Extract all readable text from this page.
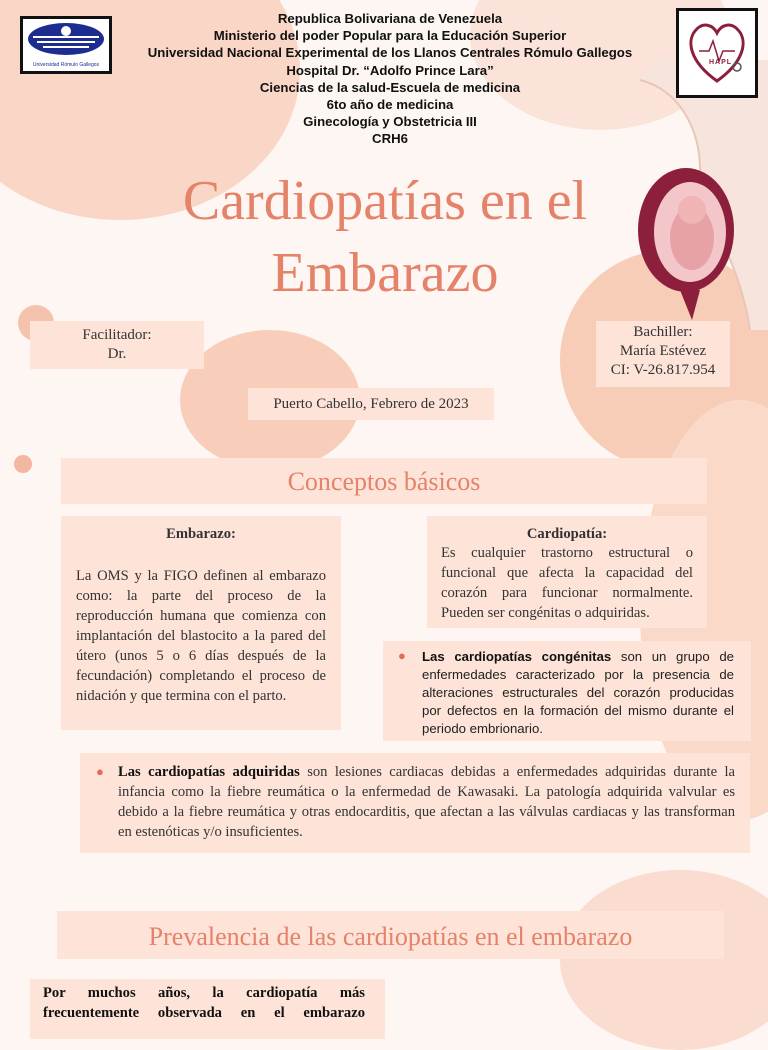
Universidad Rómulo Gallegos	HAPL
Republica Bolivariana de Venezuela
Ministerio del poder Popular para la Educación Superior
Universidad Nacional Experimental de los Llanos Centrales Rómulo Gallegos
Hospital Dr. “Adolfo Prince Lara”
Ciencias de la salud-Escuela de medicina
6to año de medicina
Ginecología y Obstetricia III
CRH6
Cardiopatías en el
Embarazo
Facilitador:
Dr.
Bachiller:
María Estévez
CI: V-26.817.954
Puerto Cabello, Febrero de 2023
Conceptos básicos
Embarazo:
La OMS y la FIGO definen al embarazo como: la parte del proceso de la reproducción humana que comienza con implantación del blastocito a la pared del útero (unos 5 o 6 días después de la fecundación) completando el proceso de nidación y que termina con el parto.
Cardiopatía:
Es cualquier trastorno estructural o funcional que afecta la capacidad del corazón para funcionar normalmente. Pueden ser congénitas o adquiridas.
● Las cardiopatías congénitas son un grupo de enfermedades caracterizado por la presencia de alteraciones estructurales del corazón producidas por defectos en la formación del mismo durante el periodo embrionario.
● Las cardiopatías adquiridas son lesiones cardiacas debidas a enfermedades adquiridas durante la infancia como la fiebre reumática o la enfermedad de Kawasaki. La patología adquirida valvular es debido a la fiebre reumática y otras endocarditis, que afectan a las válvulas cardiacas y las transforman en estenóticas y/o insuficientes.
Prevalencia de las cardiopatías en el embarazo
Por muchos años, la cardiopatía más frecuentemente observada en el embarazo
